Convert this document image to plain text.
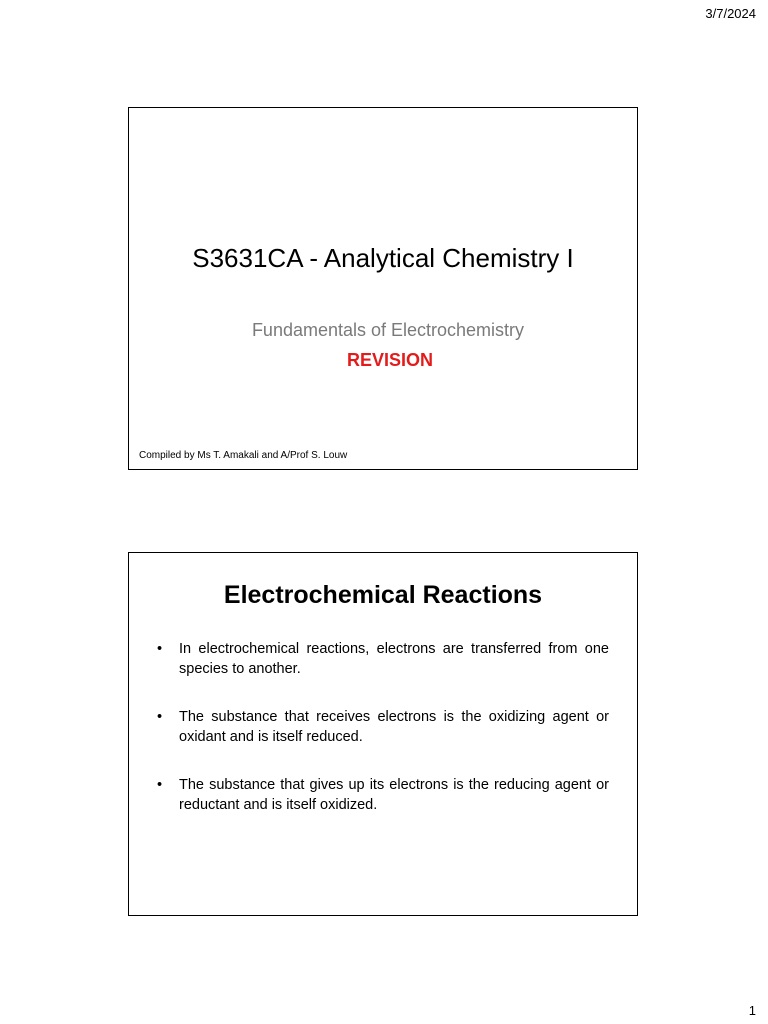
3/7/2024
S3631CA - Analytical Chemistry I
Fundamentals of Electrochemistry
REVISION
Compiled by Ms T. Amakali and A/Prof S. Louw
Electrochemical Reactions
• In electrochemical reactions, electrons are transferred from one species to another.
• The substance that receives electrons is the oxidizing agent or oxidant and is itself reduced.
• The substance that gives up its electrons is the reducing agent or reductant and is itself oxidized.
1
